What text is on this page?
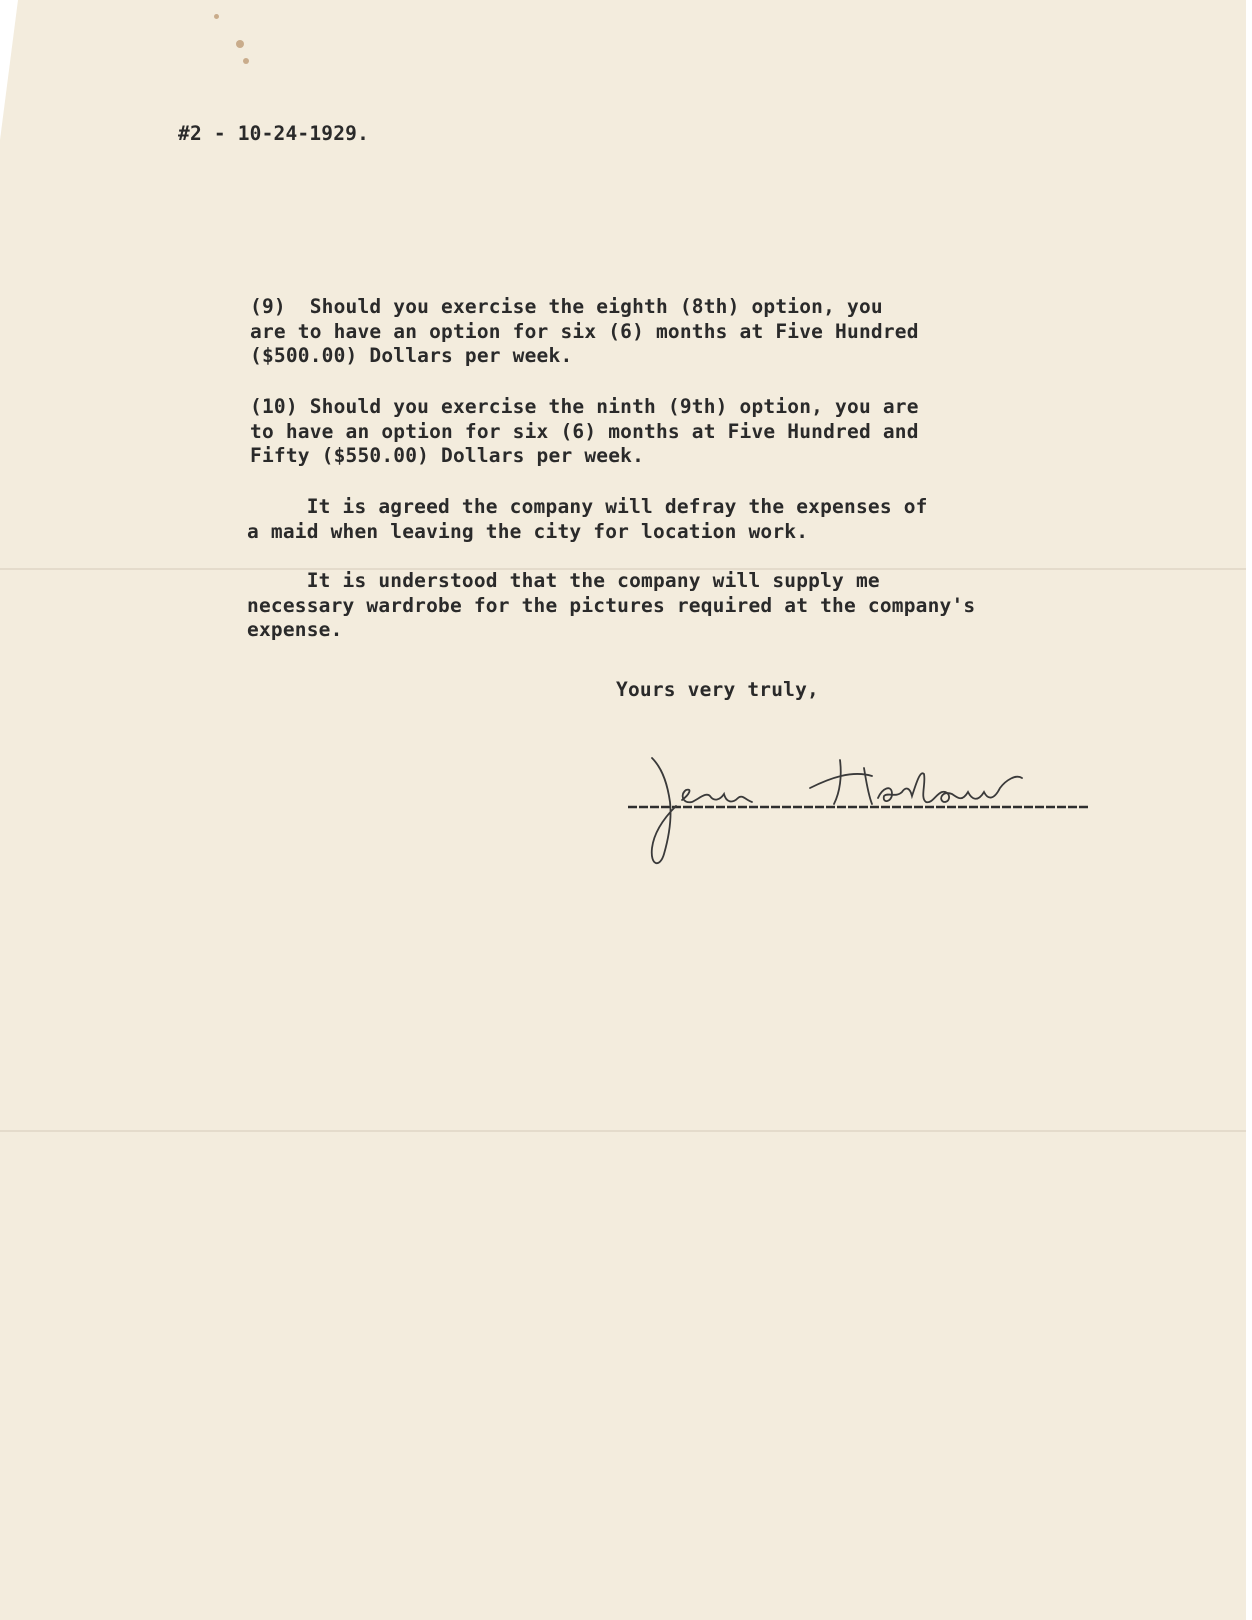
#2 - 10-24-1929.

(9)  Should you exercise the eighth (8th) option, you
are to have an option for six (6) months at Five Hundred
($500.00) Dollars per week.

(10) Should you exercise the ninth (9th) option, you are
to have an option for six (6) months at Five Hundred and
Fifty ($550.00) Dollars per week.

It is agreed the company will defray the expenses of
a maid when leaving the city for location work.

It is understood that the company will supply me
necessary wardrobe for the pictures required at the company's
expense.

Yours very truly,
